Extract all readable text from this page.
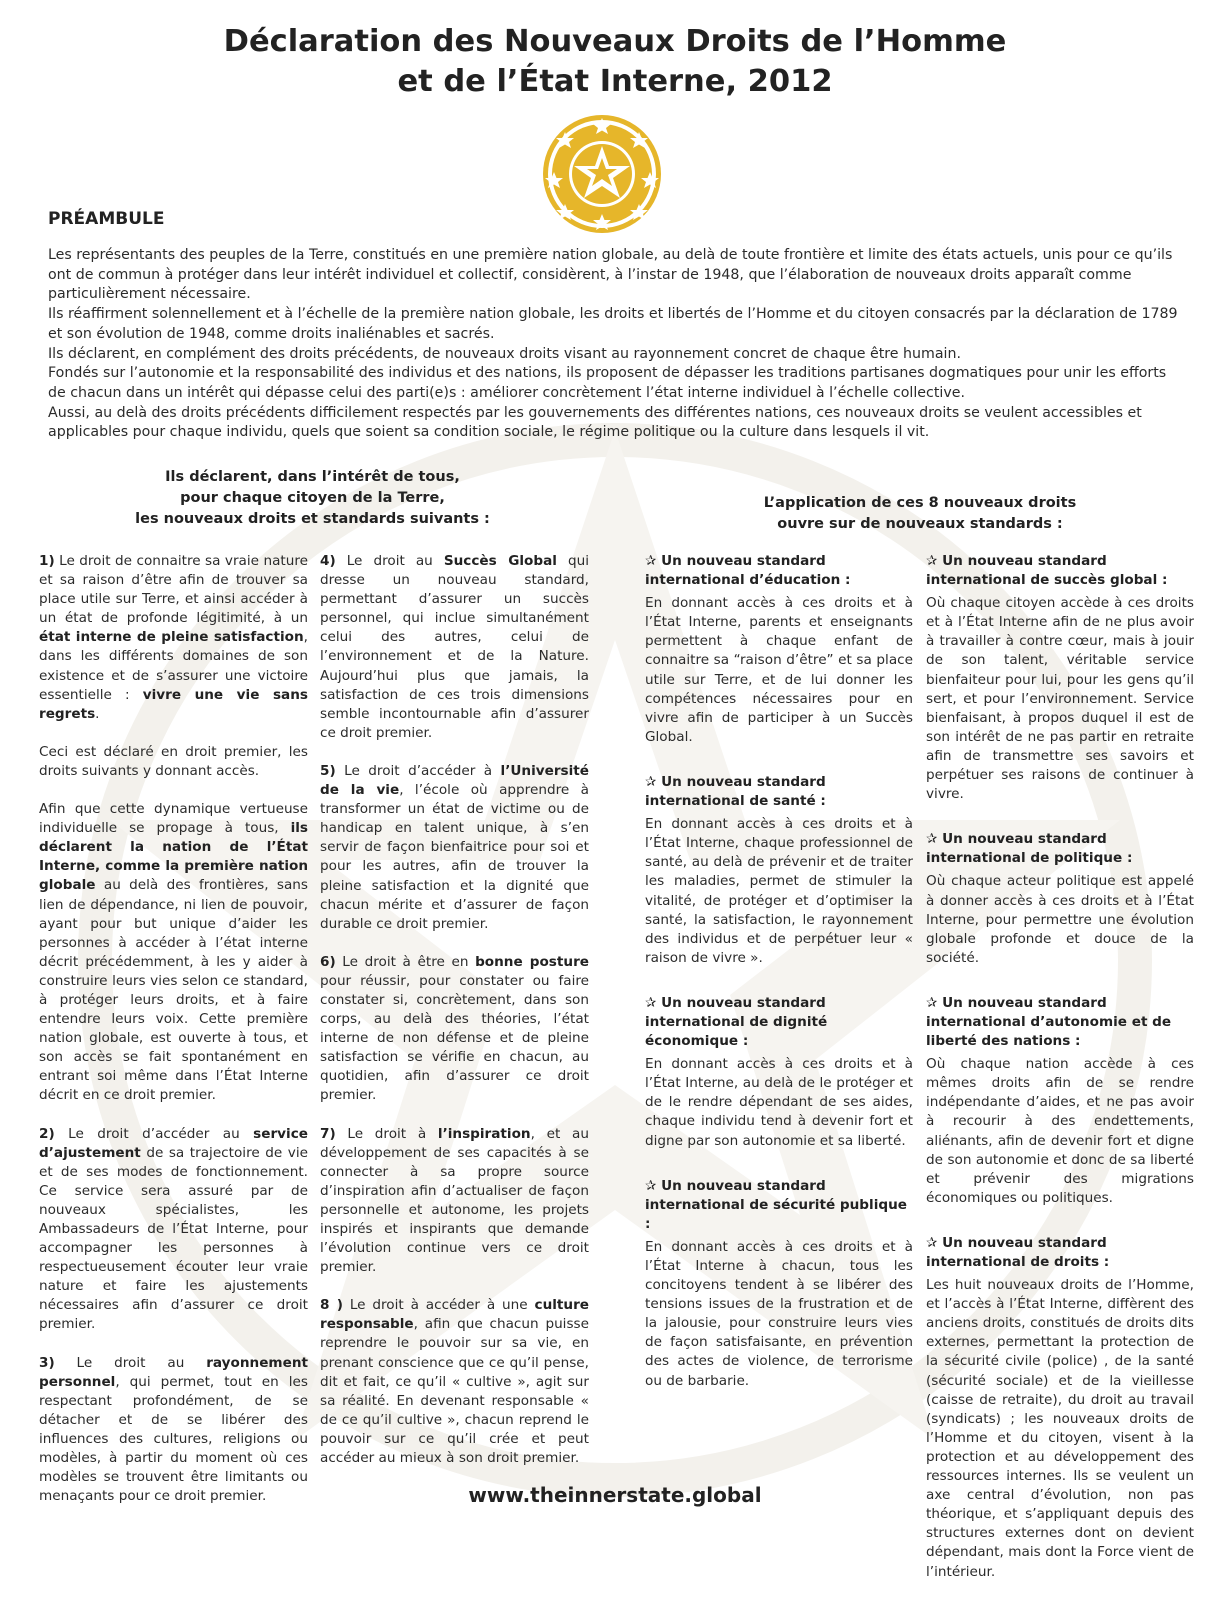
Déclaration des Nouveaux Droits de l’Homme
et de l’État Interne, 2012
PRÉAMBULE

Les représentants des peuples de la Terre, constitués en une première nation globale, au delà de toute frontière et limite des états actuels, unis pour ce qu’ils ont de commun à protéger dans leur intérêt individuel et collectif, considèrent, à l’instar de 1948, que l’élaboration de nouveaux droits apparaît comme particulièrement nécessaire.

Ils réaffirment solennellement et à l’échelle de la première nation globale, les droits et libertés de l’Homme et du citoyen consacrés par la déclaration de 1789 et son évolution de 1948, comme droits inaliénables et sacrés.

Ils déclarent, en complément des droits précédents, de nouveaux droits visant au rayonnement concret de chaque être humain.

Fondés sur l’autonomie et la responsabilité des individus et des nations, ils proposent de dépasser les traditions partisanes dogmatiques pour unir les efforts de chacun dans un intérêt qui dépasse celui des parti(e)s : améliorer concrètement l’état interne individuel à l’échelle collective.

Aussi, au delà des droits précédents difficilement respectés par les gouvernements des différentes nations, ces nouveaux droits se veulent accessibles et applicables pour chaque individu, quels que soient sa condition sociale, le régime politique ou la culture dans lesquels il vit.

Ils déclarent, dans l’intérêt de tous,
pour chaque citoyen de la Terre,
les nouveaux droits et standards suivants :
L’application de ces 8 nouveaux droits
ouvre sur de nouveaux standards :

1) Le droit de connaitre sa vraie nature et sa raison d’être afin de trouver sa place utile sur Terre, et ainsi accéder à un état de profonde légitimité, à un état interne de pleine satisfaction, dans les différents domaines de son existence et de s’assurer une victoire essentielle : vivre une vie sans regrets.

Ceci est déclaré en droit premier, les droits suivants y donnant accès.

Afin que cette dynamique vertueuse individuelle se propage à tous, ils déclarent la nation de l’État Interne, comme la première nation globale au delà des frontières, sans lien de dépendance, ni lien de pouvoir, ayant pour but unique d’aider les personnes à accéder à l’état interne décrit précédemment, à les y aider à construire leurs vies selon ce standard, à protéger leurs droits, et à faire entendre leurs voix. Cette première nation globale, est ouverte à tous, et son accès se fait spontanément en entrant soi même dans l’État Interne décrit en ce droit premier.

2) Le droit d’accéder au service d’ajustement de sa trajectoire de vie et de ses modes de fonctionnement. Ce service sera assuré par de nouveaux spécialistes, les Ambassadeurs de l’État Interne, pour accompagner les personnes à respectueusement écouter leur vraie nature et faire les ajustements nécessaires afin d’assurer ce droit premier.

3) Le droit au rayonnement personnel, qui permet, tout en les respectant profondément, de se détacher et de se libérer des influences des cultures, religions ou modèles, à partir du moment où ces modèles se trouvent être limitants ou menaçants pour ce droit premier.

4) Le droit au Succès Global qui dresse un nouveau standard, permettant d’assurer un succès personnel, qui inclue simultanément celui des autres, celui de l’environnement et de la Nature. Aujourd’hui plus que jamais, la satisfaction de ces trois dimensions semble incontournable afin d’assurer ce droit premier.

5) Le droit d’accéder à l’Université de la vie, l’école où apprendre à transformer un état de victime ou de handicap en talent unique, à s’en servir de façon bienfaitrice pour soi et pour les autres, afin de trouver la pleine satisfaction et la dignité que chacun mérite et d’assurer de façon durable ce droit premier.

6) Le droit à être en bonne posture pour réussir, pour constater ou faire constater si, concrètement, dans son corps, au delà des théories, l’état interne de non défense et de pleine satisfaction se vérifie en chacun, au quotidien, afin d’assurer ce droit premier.

7) Le droit à l’inspiration, et au développement de ses capacités à se connecter à sa propre source d’inspiration afin d’actualiser de façon personnelle et autonome, les projets inspirés et inspirants que demande l’évolution continue vers ce droit premier.

8 ) Le droit à accéder à une culture responsable, afin que chacun puisse reprendre le pouvoir sur sa vie, en prenant conscience que ce qu’il pense, dit et fait, ce qu’il « cultive », agit sur sa réalité. En devenant responsable « de ce qu’il cultive », chacun reprend le pouvoir sur ce qu’il crée et peut accéder au mieux à son droit premier.

✰ Un nouveau standard international d’éducation :
En donnant accès à ces droits et à l’État Interne, parents et enseignants permettent à chaque enfant de connaitre sa “raison d’être” et sa place utile sur Terre, et de lui donner les compétences nécessaires pour en vivre afin de participer à un Succès Global.
✰ Un nouveau standard international de santé :
En donnant accès à ces droits et à l’État Interne, chaque professionnel de santé, au delà de prévenir et de traiter les maladies, permet de stimuler la vitalité, de protéger et d’optimiser la santé, la satisfaction, le rayonnement des individus et de perpétuer leur « raison de vivre ».
✰ Un nouveau standard international de dignité économique :
En donnant accès à ces droits et à l’État Interne, au delà de le protéger et de le rendre dépendant de ses aides, chaque individu tend à devenir fort et digne par son autonomie et sa liberté.
✰ Un nouveau standard international de sécurité publique :
En donnant accès à ces droits et à l’État Interne à chacun, tous les concitoyens tendent à se libérer des tensions issues de la frustration et de la jalousie, pour construire leurs vies de façon satisfaisante, en prévention des actes de violence, de terrorisme ou de barbarie.
✰ Un nouveau standard international de succès global :
Où chaque citoyen accède à ces droits et à l’État Interne afin de ne plus avoir à travailler à contre cœur, mais à jouir de son talent, véritable service bienfaiteur pour lui, pour les gens qu’il sert, et pour l’environnement. Service bienfaisant, à propos duquel il est de son intérêt de ne pas partir en retraite afin de transmettre ses savoirs et perpétuer ses raisons de continuer à vivre.
✰ Un nouveau standard international de politique :
Où chaque acteur politique est appelé à donner accès à ces droits et à l’État Interne, pour permettre une évolution globale profonde et douce de la société.
✰ Un nouveau standard international d’autonomie et de liberté des nations :
Où chaque nation accède à ces mêmes droits afin de se rendre indépendante d’aides, et ne pas avoir à recourir à des endettements, aliénants, afin de devenir fort et digne de son autonomie et donc de sa liberté et prévenir des migrations économiques ou politiques.
✰ Un nouveau standard international de droits :
Les huit nouveaux droits de l’Homme, et l’accès à l’État Interne, diffèrent des anciens droits, constitués de droits dits externes, permettant la protection de la sécurité civile (police) , de la santé (sécurité sociale) et de la vieillesse (caisse de retraite), du droit au travail (syndicats) ; les nouveaux droits de l’Homme et du citoyen, visent à la protection et au développement des ressources internes. Ils se veulent un axe central d’évolution, non pas théorique, et s’appliquant depuis des structures externes dont on devient dépendant, mais dont la Force vient de l’intérieur.
www.theinnerstate.global
